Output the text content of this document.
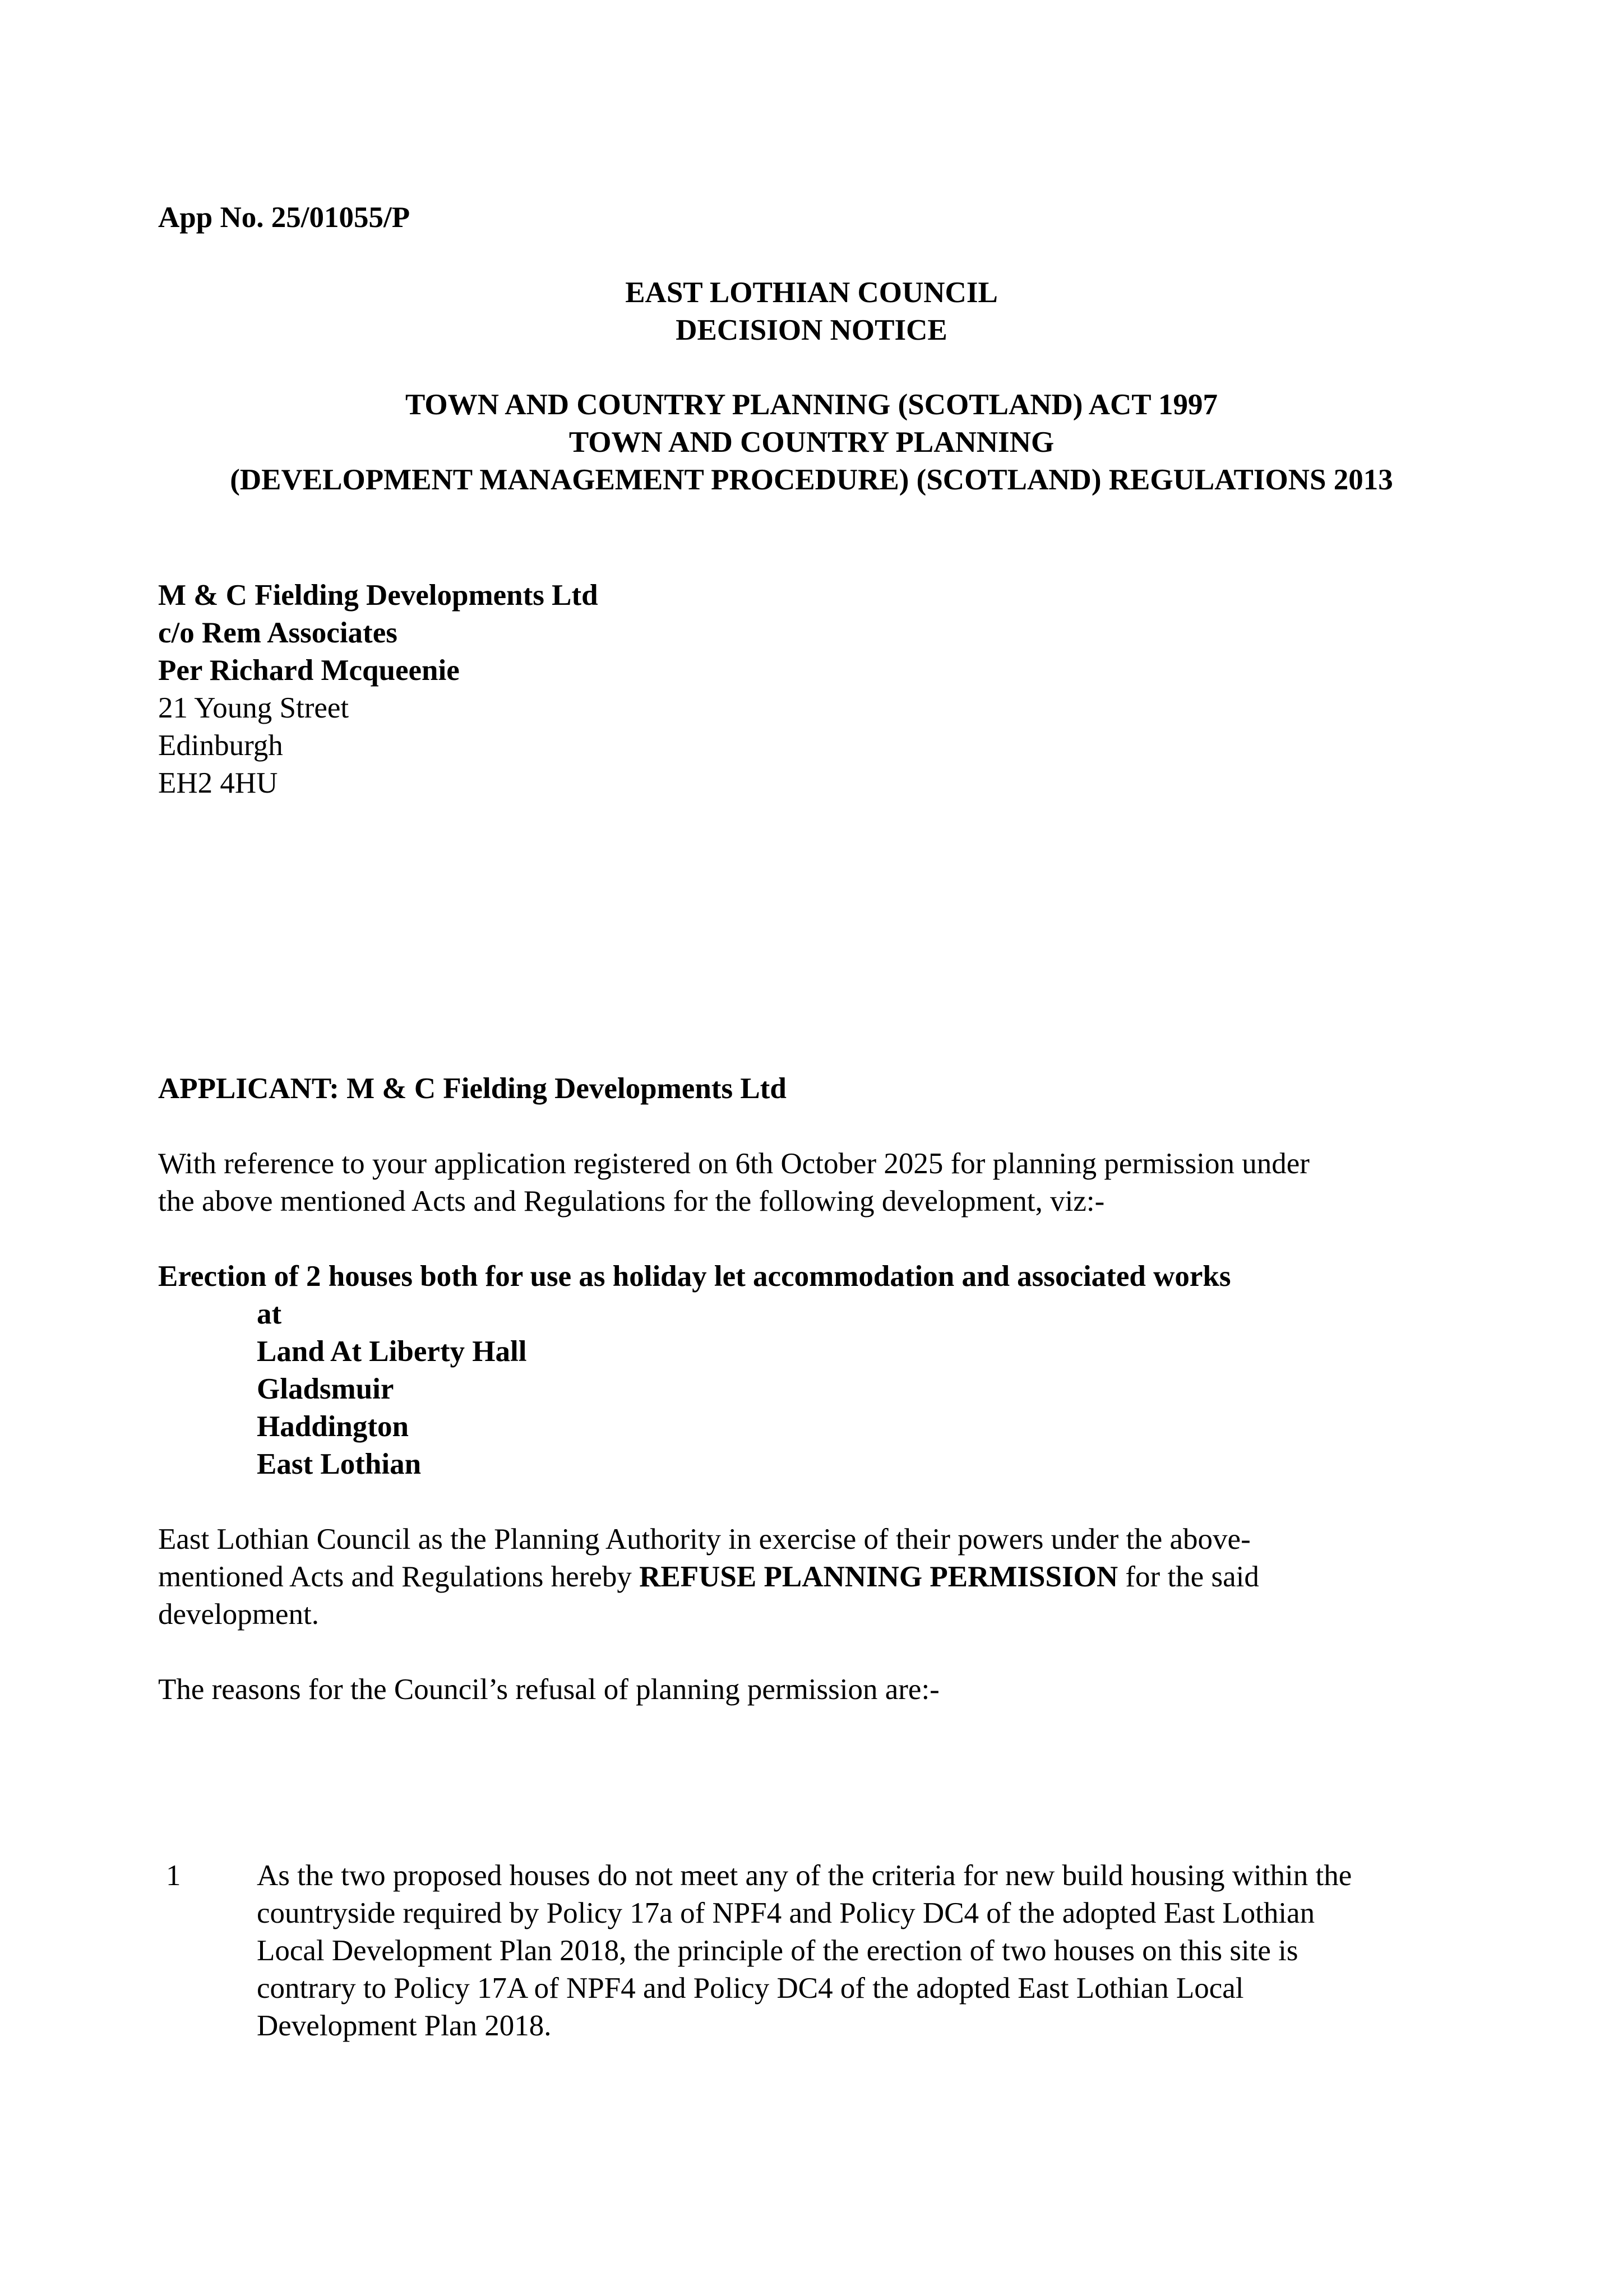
App No. 25/01055/P

EAST LOTHIAN COUNCIL

DECISION NOTICE

TOWN AND COUNTRY PLANNING (SCOTLAND) ACT 1997

TOWN AND COUNTRY PLANNING

(DEVELOPMENT MANAGEMENT PROCEDURE) (SCOTLAND) REGULATIONS 2013

M & C Fielding Developments Ltd

c/o Rem Associates

Per Richard Mcqueenie

21 Young Street

Edinburgh

EH2 4HU

APPLICANT: M & C Fielding Developments Ltd

With reference to your application registered on 6th October 2025 for planning permission under

the above mentioned Acts and Regulations for the following development, viz:-

Erection of 2 houses both for use as holiday let accommodation and associated works

at

Land At Liberty Hall

Gladsmuir

Haddington

East Lothian

East Lothian Council as the Planning Authority in exercise of their powers under the above-

mentioned Acts and Regulations hereby REFUSE PLANNING PERMISSION for the said

development.

The reasons for the Council’s refusal of planning permission are:-

1	As the two proposed houses do not meet any of the criteria for new build housing within the

countryside required by Policy 17a of NPF4 and Policy DC4 of the adopted East Lothian

Local Development Plan 2018, the principle of the erection of two houses on this site is

contrary to Policy 17A of NPF4 and Policy DC4 of the adopted East Lothian Local

Development Plan 2018.
